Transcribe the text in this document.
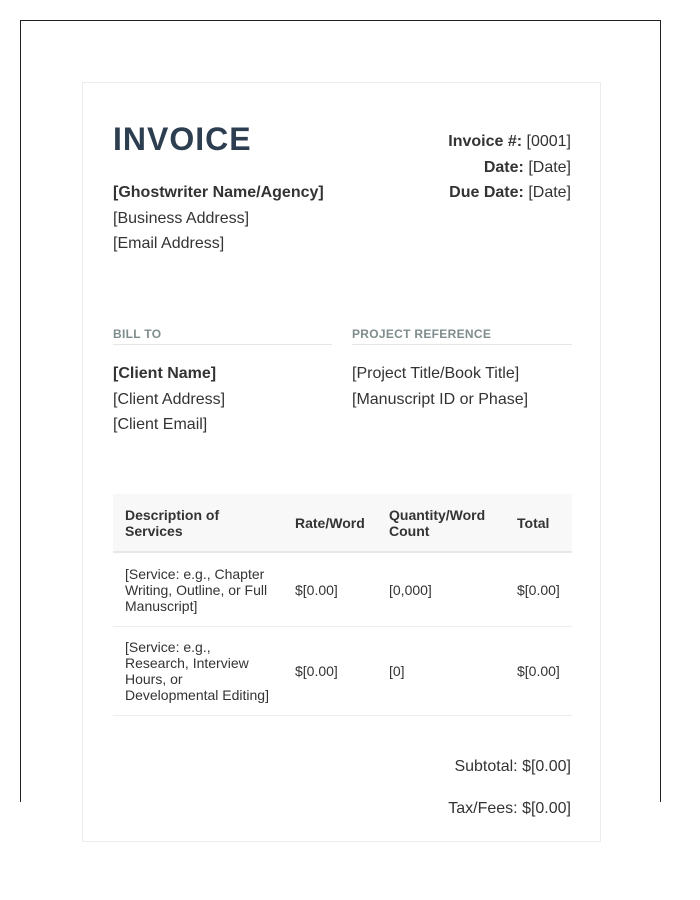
INVOICE
[Ghostwriter Name/Agency]
[Business Address]
[Email Address]
Invoice #: [0001]
Date: [Date]
Due Date: [Date]
BILL TO
[Client Name]
[Client Address]
[Client Email]
PROJECT REFERENCE
[Project Title/Book Title]
[Manuscript ID or Phase]
Description of Services	Rate/Word	Quantity/Word Count	Total
[Service: e.g., Chapter Writing, Outline, or Full Manuscript]	$[0.00]	[0,000]	$[0.00]
[Service: e.g., Research, Interview Hours, or Developmental Editing]	$[0.00]	[0]	$[0.00]
Subtotal: $[0.00]
Tax/Fees: $[0.00]
